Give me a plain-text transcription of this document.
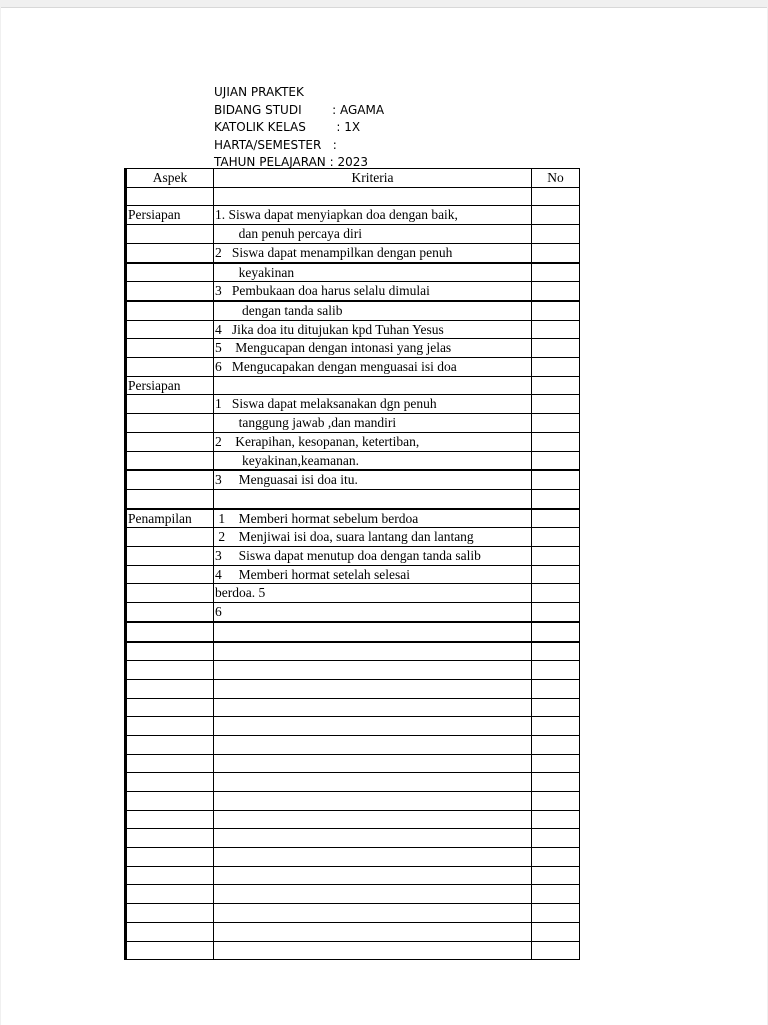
UJIAN PRAKTEK
BIDANG STUDI        : AGAMA
KATOLIK KELAS        : 1X
HARTA/SEMESTER   :
TAHUN PELAJARAN : 2023
Aspek	Kriteria	No

Persiapan	1. Siswa dapat menyiapkan doa dengan baik,	
	dan penuh percaya diri	
	2   Siswa dapat menampilkan dengan penuh	
	keyakinan	
	3   Pembukaan doa harus selalu dimulai	
	dengan tanda salib	
	4   Jika doa itu ditujukan kpd Tuhan Yesus	
	5    Mengucapan dengan intonasi yang jelas	
	6   Mengucapakan dengan menguasai isi doa	
Persiapan		
	1   Siswa dapat melaksanakan dgn penuh	
	tanggung jawab ,dan mandiri	
	2    Kerapihan, kesopanan, ketertiban,	
	keyakinan,keamanan.	
	3     Menguasai isi doa itu.	

Penampilan	1    Memberi hormat sebelum berdoa	
	2    Menjiwai isi doa, suara lantang dan lantang	
	3     Siswa dapat menutup doa dengan tanda salib	
	4     Memberi hormat setelah selesai	
	berdoa. 5	
	6	
